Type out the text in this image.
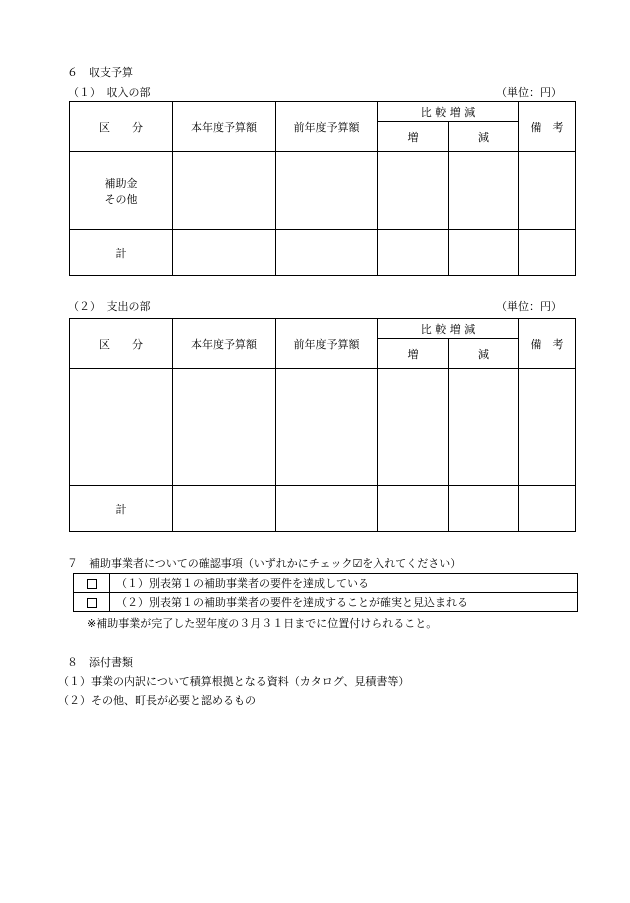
６　収支予算
（１）　収入の部	（単位：円）
区　　分	本年度予算額	前年度予算額	比 較 増 減		備　考
			増	減	

補助金
その他					

計					
（２）　支出の部	（単位：円）
区　　分	本年度予算額	前年度予算額	比 較 増 減		備　考
			増	減	

計					
７　補助事業者についての確認事項（いずれかにチェック☑を入れてください）
	（１）別表第１の補助事業者の要件を達成している
	（２）別表第１の補助事業者の要件を達成することが確実と見込まれる
※補助事業が完了した翌年度の３月３１日までに位置付けられること。
８　添付書類
（１）事業の内訳について積算根拠となる資料（カタログ、見積書等）
（２）その他、町長が必要と認めるもの
